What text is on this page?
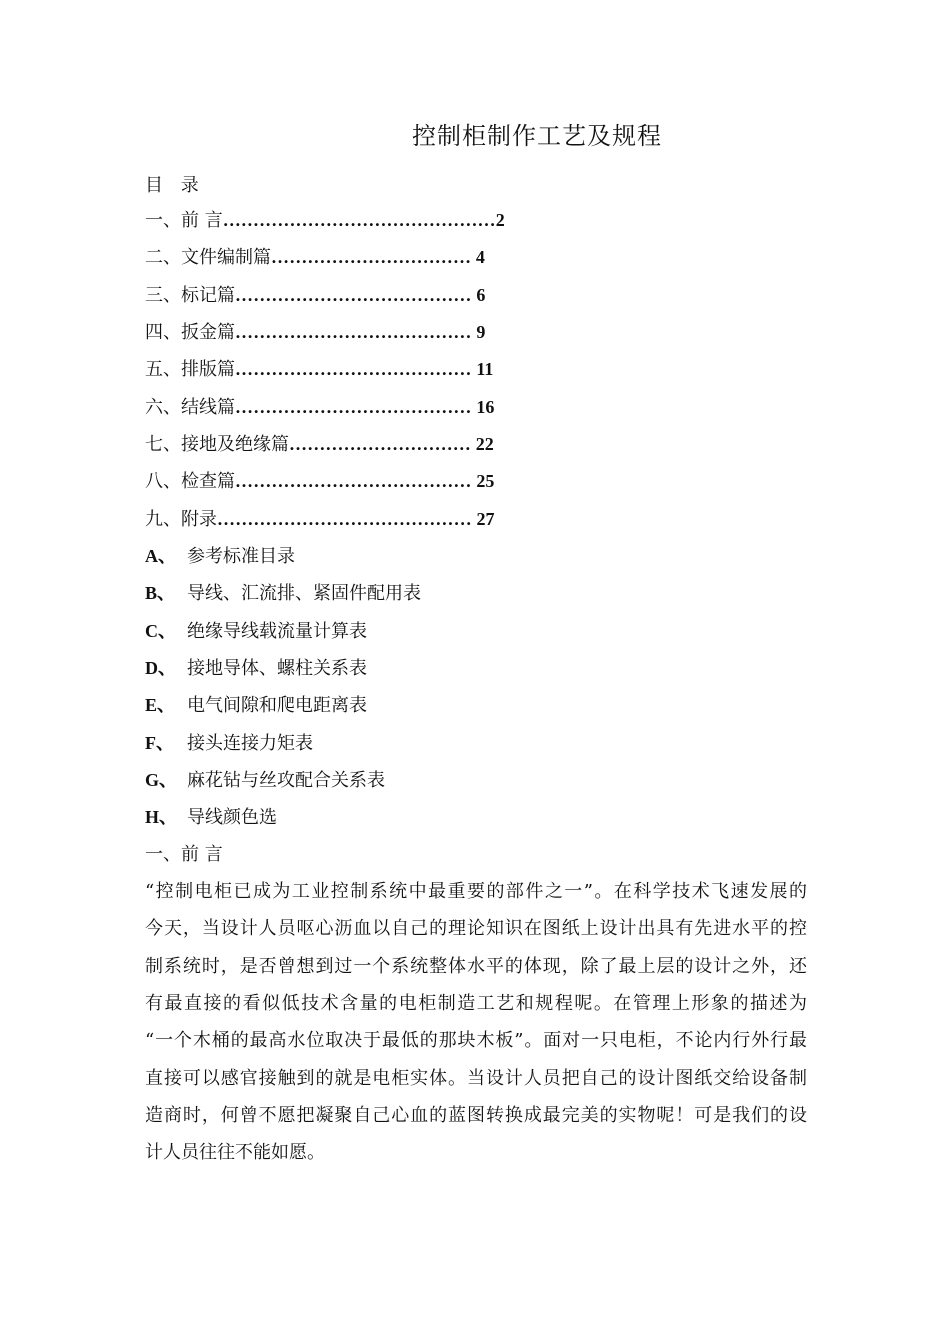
控制柜制作工艺及规程
目 录
一、前 言………………………………………2
二、文件编制篇…………………………… 4
三、标记篇………………………………… 6
四、扳金篇………………………………… 9
五、排版篇………………………………… 11
六、结线篇………………………………… 16
七、接地及绝缘篇………………………… 22
八、检查篇………………………………… 25
九、附录…………………………………… 27
A、 参考标准目录
B、 导线、汇流排、紧固件配用表
C、 绝缘导线载流量计算表
D、 接地导体、螺柱关系表
E、 电气间隙和爬电距离表
F、 接头连接力矩表
G、 麻花钻与丝攻配合关系表
H、 导线颜色选
一、前 言
“控制电柜已成为工业控制系统中最重要的部件之一”。在科学技术飞速发展的
今天，当设计人员呕心沥血以自己的理论知识在图纸上设计出具有先进水平的控
制系统时，是否曾想到过一个系统整体水平的体现，除了最上层的设计之外，还
有最直接的看似低技术含量的电柜制造工艺和规程呢。在管理上形象的描述为
“一个木桶的最高水位取决于最低的那块木板”。面对一只电柜，不论内行外行最
直接可以感官接触到的就是电柜实体。当设计人员把自己的设计图纸交给设备制
造商时，何曾不愿把凝聚自己心血的蓝图转换成最完美的实物呢！可是我们的设
计人员往往不能如愿。
